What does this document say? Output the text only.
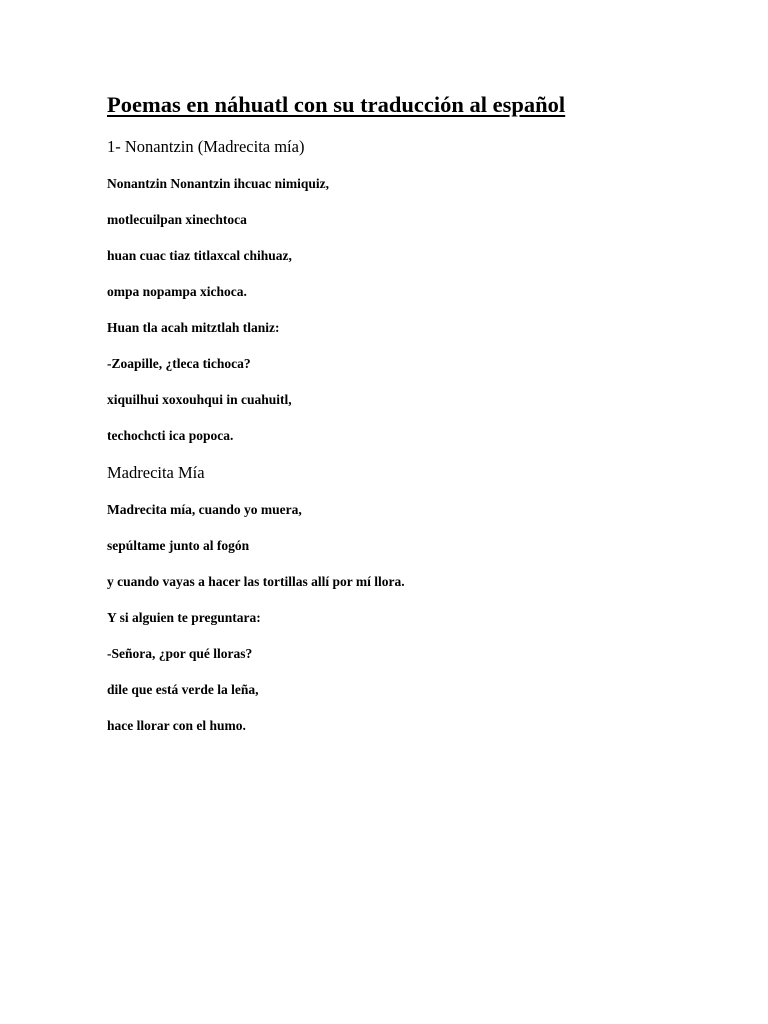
Poemas en náhuatl con su traducción al español
1- Nonantzin (Madrecita mía)

Nonantzin Nonantzin ihcuac nimiquiz,

motlecuilpan xinechtoca

huan cuac tiaz titlaxcal chihuaz,

ompa nopampa xichoca.

Huan tla acah mitztlah tlaniz:

-Zoapille, ¿tleca tichoca?

xiquilhui xoxouhqui in cuahuitl,

techochcti ica popoca.

Madrecita Mía

Madrecita mía, cuando yo muera,

sepúltame junto al fogón

y cuando vayas a hacer las tortillas allí por mí llora.

Y si alguien te preguntara:

-Señora, ¿por qué lloras?

dile que está verde la leña,

hace llorar con el humo.
